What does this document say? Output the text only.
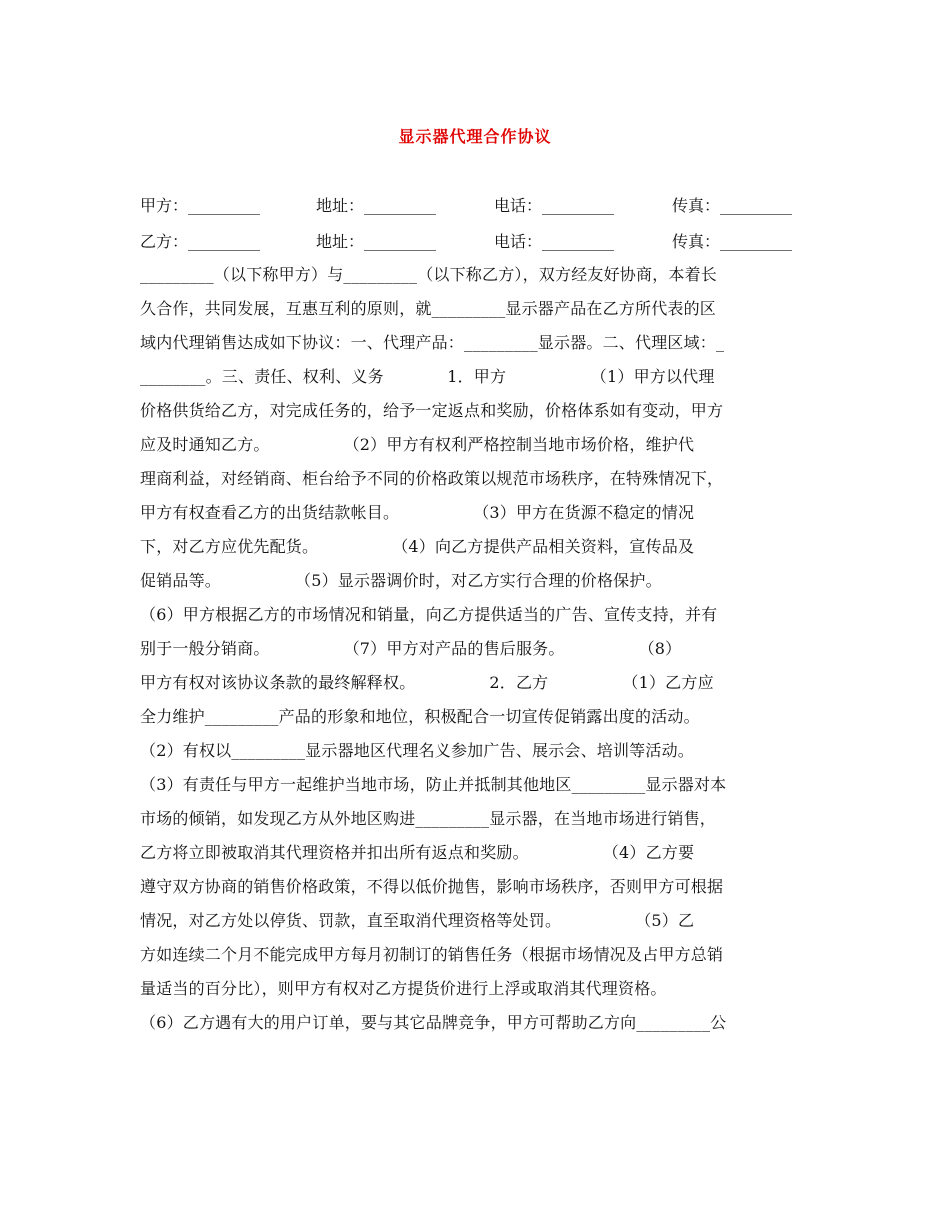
显示器代理合作协议
甲方：_________	地址：_________	电话：_________	传真：_________
乙方：_________	地址：_________	电话：_________	传真：_________
_________（以下称甲方）与_________（以下称乙方），双方经友好协商，本着长
久合作，共同发展，互惠互利的原则，就_________显示器产品在乙方所代表的区
域内代理销售达成如下协议：一、代理产品：_________显示器。二、代理区域：_
________。三、责任、权利、义务            1．甲方                （1）甲方以代理
价格供货给乙方，对完成任务的，给予一定返点和奖励，价格体系如有变动，甲方
应及时通知乙方。              （2）甲方有权利严格控制当地市场价格，维护代
理商利益，对经销商、柜台给予不同的价格政策以规范市场秩序，在特殊情况下，
甲方有权查看乙方的出货结款帐目。              （3）甲方在货源不稳定的情况
下，对乙方应优先配货。              （4）向乙方提供产品相关资料，宣传品及
促销品等。              （5）显示器调价时，对乙方实行合理的价格保护。
（6）甲方根据乙方的市场情况和销量，向乙方提供适当的广告、宣传支持，并有
别于一般分销商。              （7）甲方对产品的售后服务。              （8）
甲方有权对该协议条款的最终解释权。              2．乙方              （1）乙方应
全力维护_________产品的形象和地位，积极配合一切宣传促销露出度的活动。
（2）有权以_________显示器地区代理名义参加广告、展示会、培训等活动。
（3）有责任与甲方一起维护当地市场，防止并抵制其他地区_________显示器对本
市场的倾销，如发现乙方从外地区购进_________显示器，在当地市场进行销售，
乙方将立即被取消其代理资格并扣出所有返点和奖励。              （4）乙方要
遵守双方协商的销售价格政策，不得以低价抛售，影响市场秩序，否则甲方可根据
情况，对乙方处以停货、罚款，直至取消代理资格等处罚。              （5）乙
方如连续二个月不能完成甲方每月初制订的销售任务（根据市场情况及占甲方总销
量适当的百分比），则甲方有权对乙方提货价进行上浮或取消其代理资格。
（6）乙方遇有大的用户订单，要与其它品牌竞争，甲方可帮助乙方向_________公
